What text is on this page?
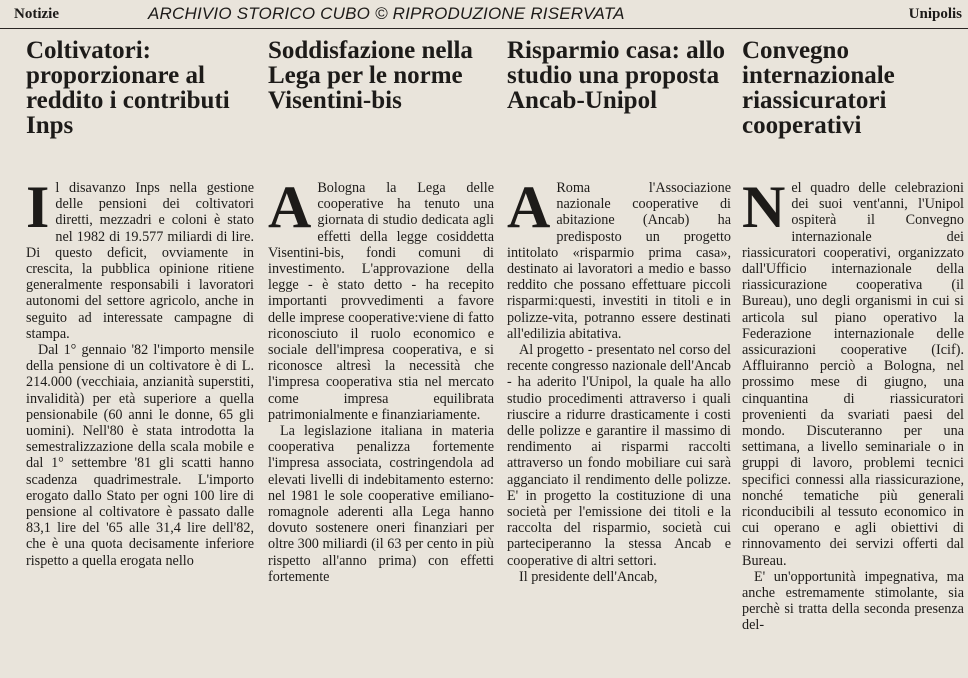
Notizie	ARCHIVIO STORICO CUBO © RIPRODUZIONE RISERVATA	Unipolis
Coltivatori: proporzionare al reddito i contributi Inps

Il disavanzo Inps nella gestione delle pensioni dei coltivatori diretti, mezzadri e coloni è stato nel 1982 di 19.577 miliardi di lire. Di questo deficit, ovviamente in crescita, la pubblica opinione ritiene generalmente responsabili i lavoratori autonomi del settore agricolo, anche in seguito ad interessate campagne di stampa.

Dal 1° gennaio '82 l'importo mensile della pensione di un coltivatore è di L. 214.000 (vecchiaia, anzianità superstiti, invalidità) per età superiore a quella pensionabile (60 anni le donne, 65 gli uomini). Nell'80 è stata introdotta la semestralizzazione della scala mobile e dal 1° settembre '81 gli scatti hanno scadenza quadrimestrale. L'importo erogato dallo Stato per ogni 100 lire di pensione al coltivatore è passato dalle 83,1 lire del '65 alle 31,4 lire dell'82, che è una quota decisamente inferiore rispetto a quella erogata nello

Soddisfazione nella Lega per le norme Visentini-bis

A Bologna la Lega delle cooperative ha tenuto una giornata di studio dedicata agli effetti della legge cosiddetta Visentini-bis, fondi comuni di investimento. L'approvazione della legge - è stato detto - ha recepito importanti provvedimenti a favore delle imprese cooperative:viene di fatto riconosciuto il ruolo economico e sociale dell'impresa cooperativa, e si riconosce altresì la necessità che l'impresa cooperativa stia nel mercato come impresa equilibrata patrimonialmente e finanziariamente.

La legislazione italiana in materia cooperativa penalizza fortemente l'impresa associata, costringendola ad elevati livelli di indebitamento esterno: nel 1981 le sole cooperative emiliano-romagnole aderenti alla Lega hanno dovuto sostenere oneri finanziari per oltre 300 miliardi (il 63 per cento in più rispetto all'anno prima) con effetti fortemente

Risparmio casa: allo studio una proposta Ancab-Unipol

A Roma l'Associazione nazionale cooperative di abitazione (Ancab) ha predisposto un progetto intitolato «risparmio prima casa», destinato ai lavoratori a medio e basso reddito che possano effettuare piccoli risparmi:questi, investiti in titoli e in polizze-vita, potranno essere destinati all'edilizia abitativa.

Al progetto - presentato nel corso del recente congresso nazionale dell'Ancab - ha aderito l'Unipol, la quale ha allo studio procedimenti attraverso i quali riuscire a ridurre drasticamente i costi delle polizze e garantire il massimo di rendimento ai risparmi raccolti attraverso un fondo mobiliare cui sarà agganciato il rendimento delle polizze. E' in progetto la costituzione di una società per l'emissione dei titoli e la raccolta del risparmio, società cui parteciperanno la stessa Ancab e cooperative di altri settori.

Il presidente dell'Ancab,

Convegno internazionale riassicuratori cooperativi

Nel quadro delle celebrazioni dei suoi vent'anni, l'Unipol ospiterà il Convegno internazionale dei riassicuratori cooperativi, organizzato dall'Ufficio internazionale della riassicurazione cooperativa (il Bureau), uno degli organismi in cui si articola sul piano operativo la Federazione internazionale delle assicurazioni cooperative (Icif). Affluiranno perciò a Bologna, nel prossimo mese di giugno, una cinquantina di riassicuratori provenienti da svariati paesi del mondo. Discuteranno per una settimana, a livello seminariale o in gruppi di lavoro, problemi tecnici specifici connessi alla riassicurazione, nonché tematiche più generali riconducibili al tessuto economico in cui operano e agli obiettivi di rinnovamento dei servizi offerti dal Bureau.

E' un'opportunità impegnativa, ma anche estremamente stimolante, sia perchè si tratta della seconda presenza del-
